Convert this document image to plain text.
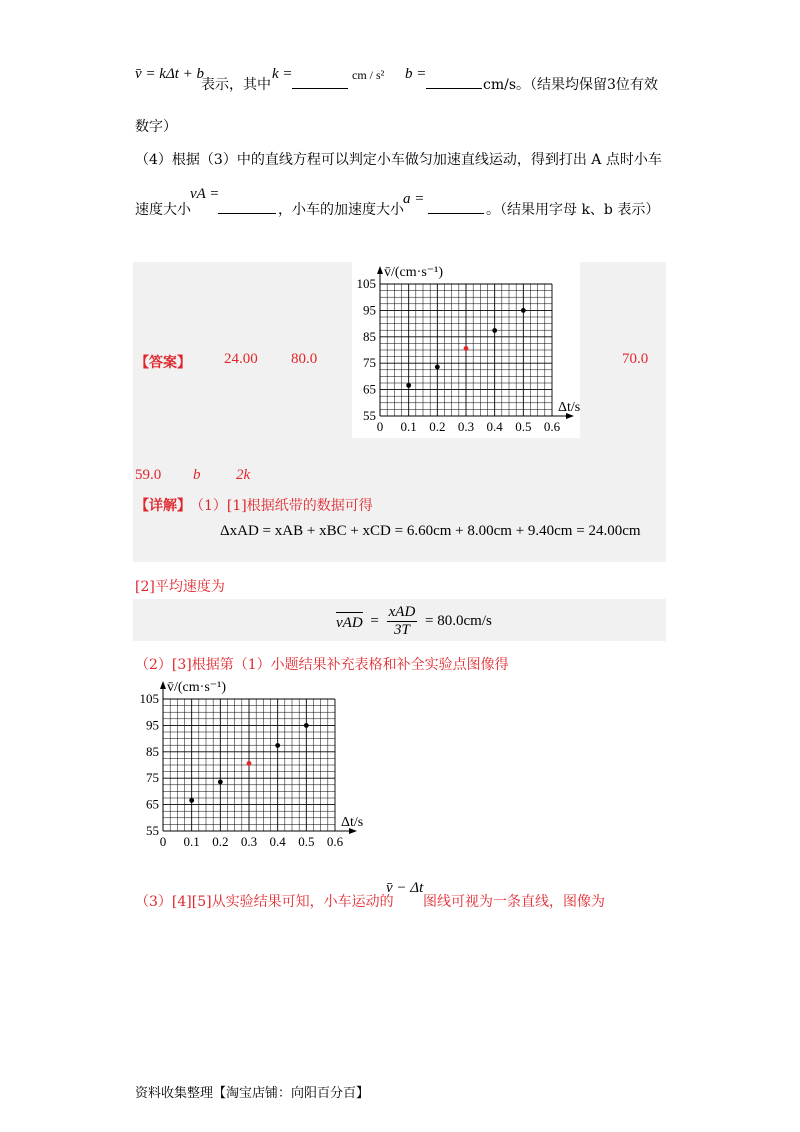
v̄ = kΔt + b
表示，其中
k =	cm / s² b =
cm/s。（结果均保留3位有效
数字）
（4）根据（3）中的直线方程可以判定小车做匀加速直线运动，得到打出 A 点时小车
速度大小
vA =
，小车的加速度大小
a =
。（结果用字母 k、b 表示）
0 0.1 0.2 0.3 0.4 0.5 0.6
55
65
75
85
95
105
Δt/s
v̄/(cm·s⁻¹)
【答案】 24.00 80.0	70.0
59.0 b 2k
【详解】 （1）[1]根据纸带的数据可得
ΔxAD = xAB + xBC + xCD = 6.60cm + 8.00cm + 9.40cm = 24.00cm
[2]平均速度为
vAD =
xAD
3T
= 80.0cm/s
（2）[3]根据第（1）小题结果补充表格和补全实验点图像得
0 0.1 0.2 0.3 0.4 0.5 0.6
55
65
75
85
95
105
Δt/s
v̄/(cm·s⁻¹)
（3）[4][5]从实验结果可知，小车运动的
v̄ − Δt
图线可视为一条直线，图像为
资料收集整理【淘宝店铺：向阳百分百】
